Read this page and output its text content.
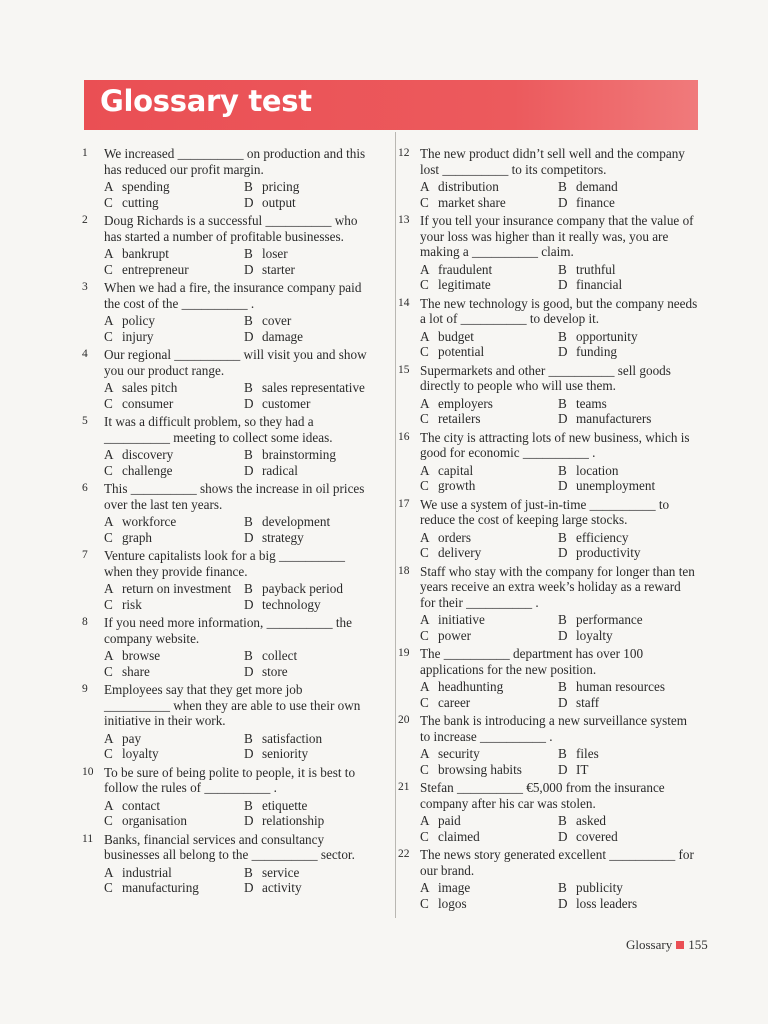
Glossary test
1	We increased __________ on production and this has reduced our profit margin.
A spending	B pricing
C cutting	D output
2	Doug Richards is a successful __________ who has started a number of profitable businesses.
A bankrupt	B loser
C entrepreneur	D starter
3	When we had a fire, the insurance company paid the cost of the __________ .
A policy	B cover
C injury	D damage
4	Our regional __________ will visit you and show you our product range.
A sales pitch	B sales representative
C consumer	D customer
5	It was a difficult problem, so they had a __________ meeting to collect some ideas.
A discovery	B brainstorming
C challenge	D radical
6	This __________ shows the increase in oil prices over the last ten years.
A workforce	B development
C graph	D strategy
7	Venture capitalists look for a big __________ when they provide finance.
A return on investment B payback period
C risk	D technology
8	If you need more information, __________ the company website.
A browse	B collect
C share	D store
9	Employees say that they get more job __________ when they are able to use their own initiative in their work.
A pay	B satisfaction
C loyalty	D seniority
10 To be sure of being polite to people, it is best to follow the rules of __________ .
A contact	B etiquette
C organisation	D relationship
11 Banks, financial services and consultancy businesses all belong to the __________ sector.
A industrial	B service
C manufacturing	D activity
12 The new product didn’t sell well and the company lost __________ to its competitors.
A distribution	B demand
C market share	D finance
13 If you tell your insurance company that the value of your loss was higher than it really was, you are making a __________ claim.
A fraudulent	B truthful
C legitimate	D financial
14 The new technology is good, but the company needs a lot of __________ to develop it.
A budget	B opportunity
C potential	D funding
15 Supermarkets and other __________ sell goods directly to people who will use them.
A employers	B teams
C retailers	D manufacturers
16 The city is attracting lots of new business, which is good for economic __________ .
A capital	B location
C growth	D unemployment
17 We use a system of just-in-time __________ to reduce the cost of keeping large stocks.
A orders	B efficiency
C delivery	D productivity
18 Staff who stay with the company for longer than ten years receive an extra week’s holiday as a reward for their __________ .
A initiative	B performance
C power	D loyalty
19 The __________ department has over 100 applications for the new position.
A headhunting	B human resources
C career	D staff
20 The bank is introducing a new surveillance system to increase __________ .
A security	B files
C browsing habits	D IT
21 Stefan __________ €5,000 from the insurance company after his car was stolen.
A paid	B asked
C claimed	D covered
22 The news story generated excellent __________ for our brand.
A image	B publicity
C logos	D loss leaders
Glossary 155
